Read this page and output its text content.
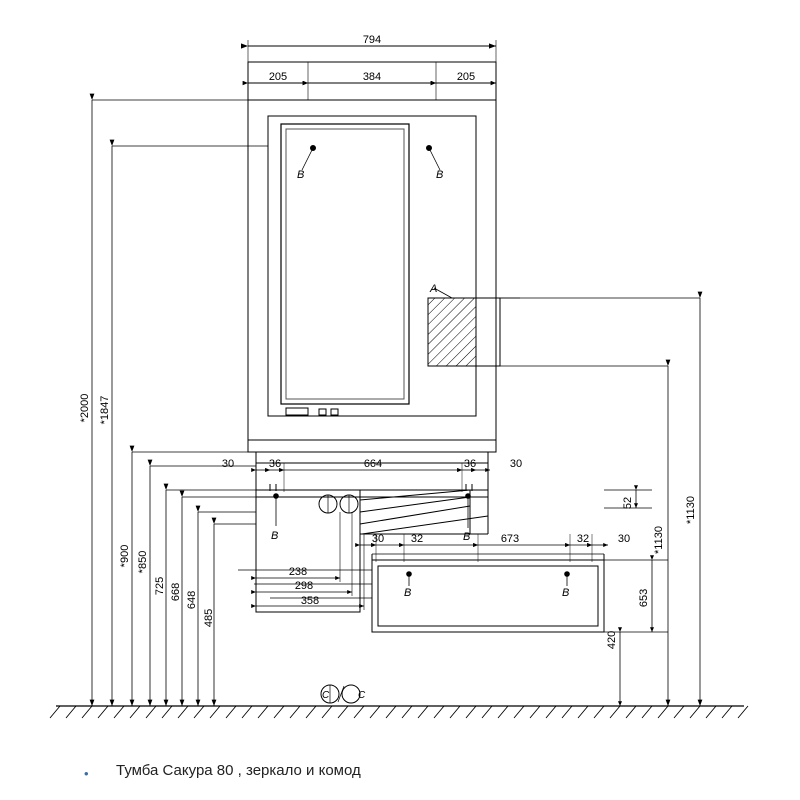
794
205	384	205
30	36	664	36	30
30 32	673	32	30
238
298
358
В	В
А
В	В
В	В
С	С
*2000 *1847
*900 *850
725 668 648
485
*1130
*1130
52
653
420
• Тумба Сакура 80 , зеркало и комод
